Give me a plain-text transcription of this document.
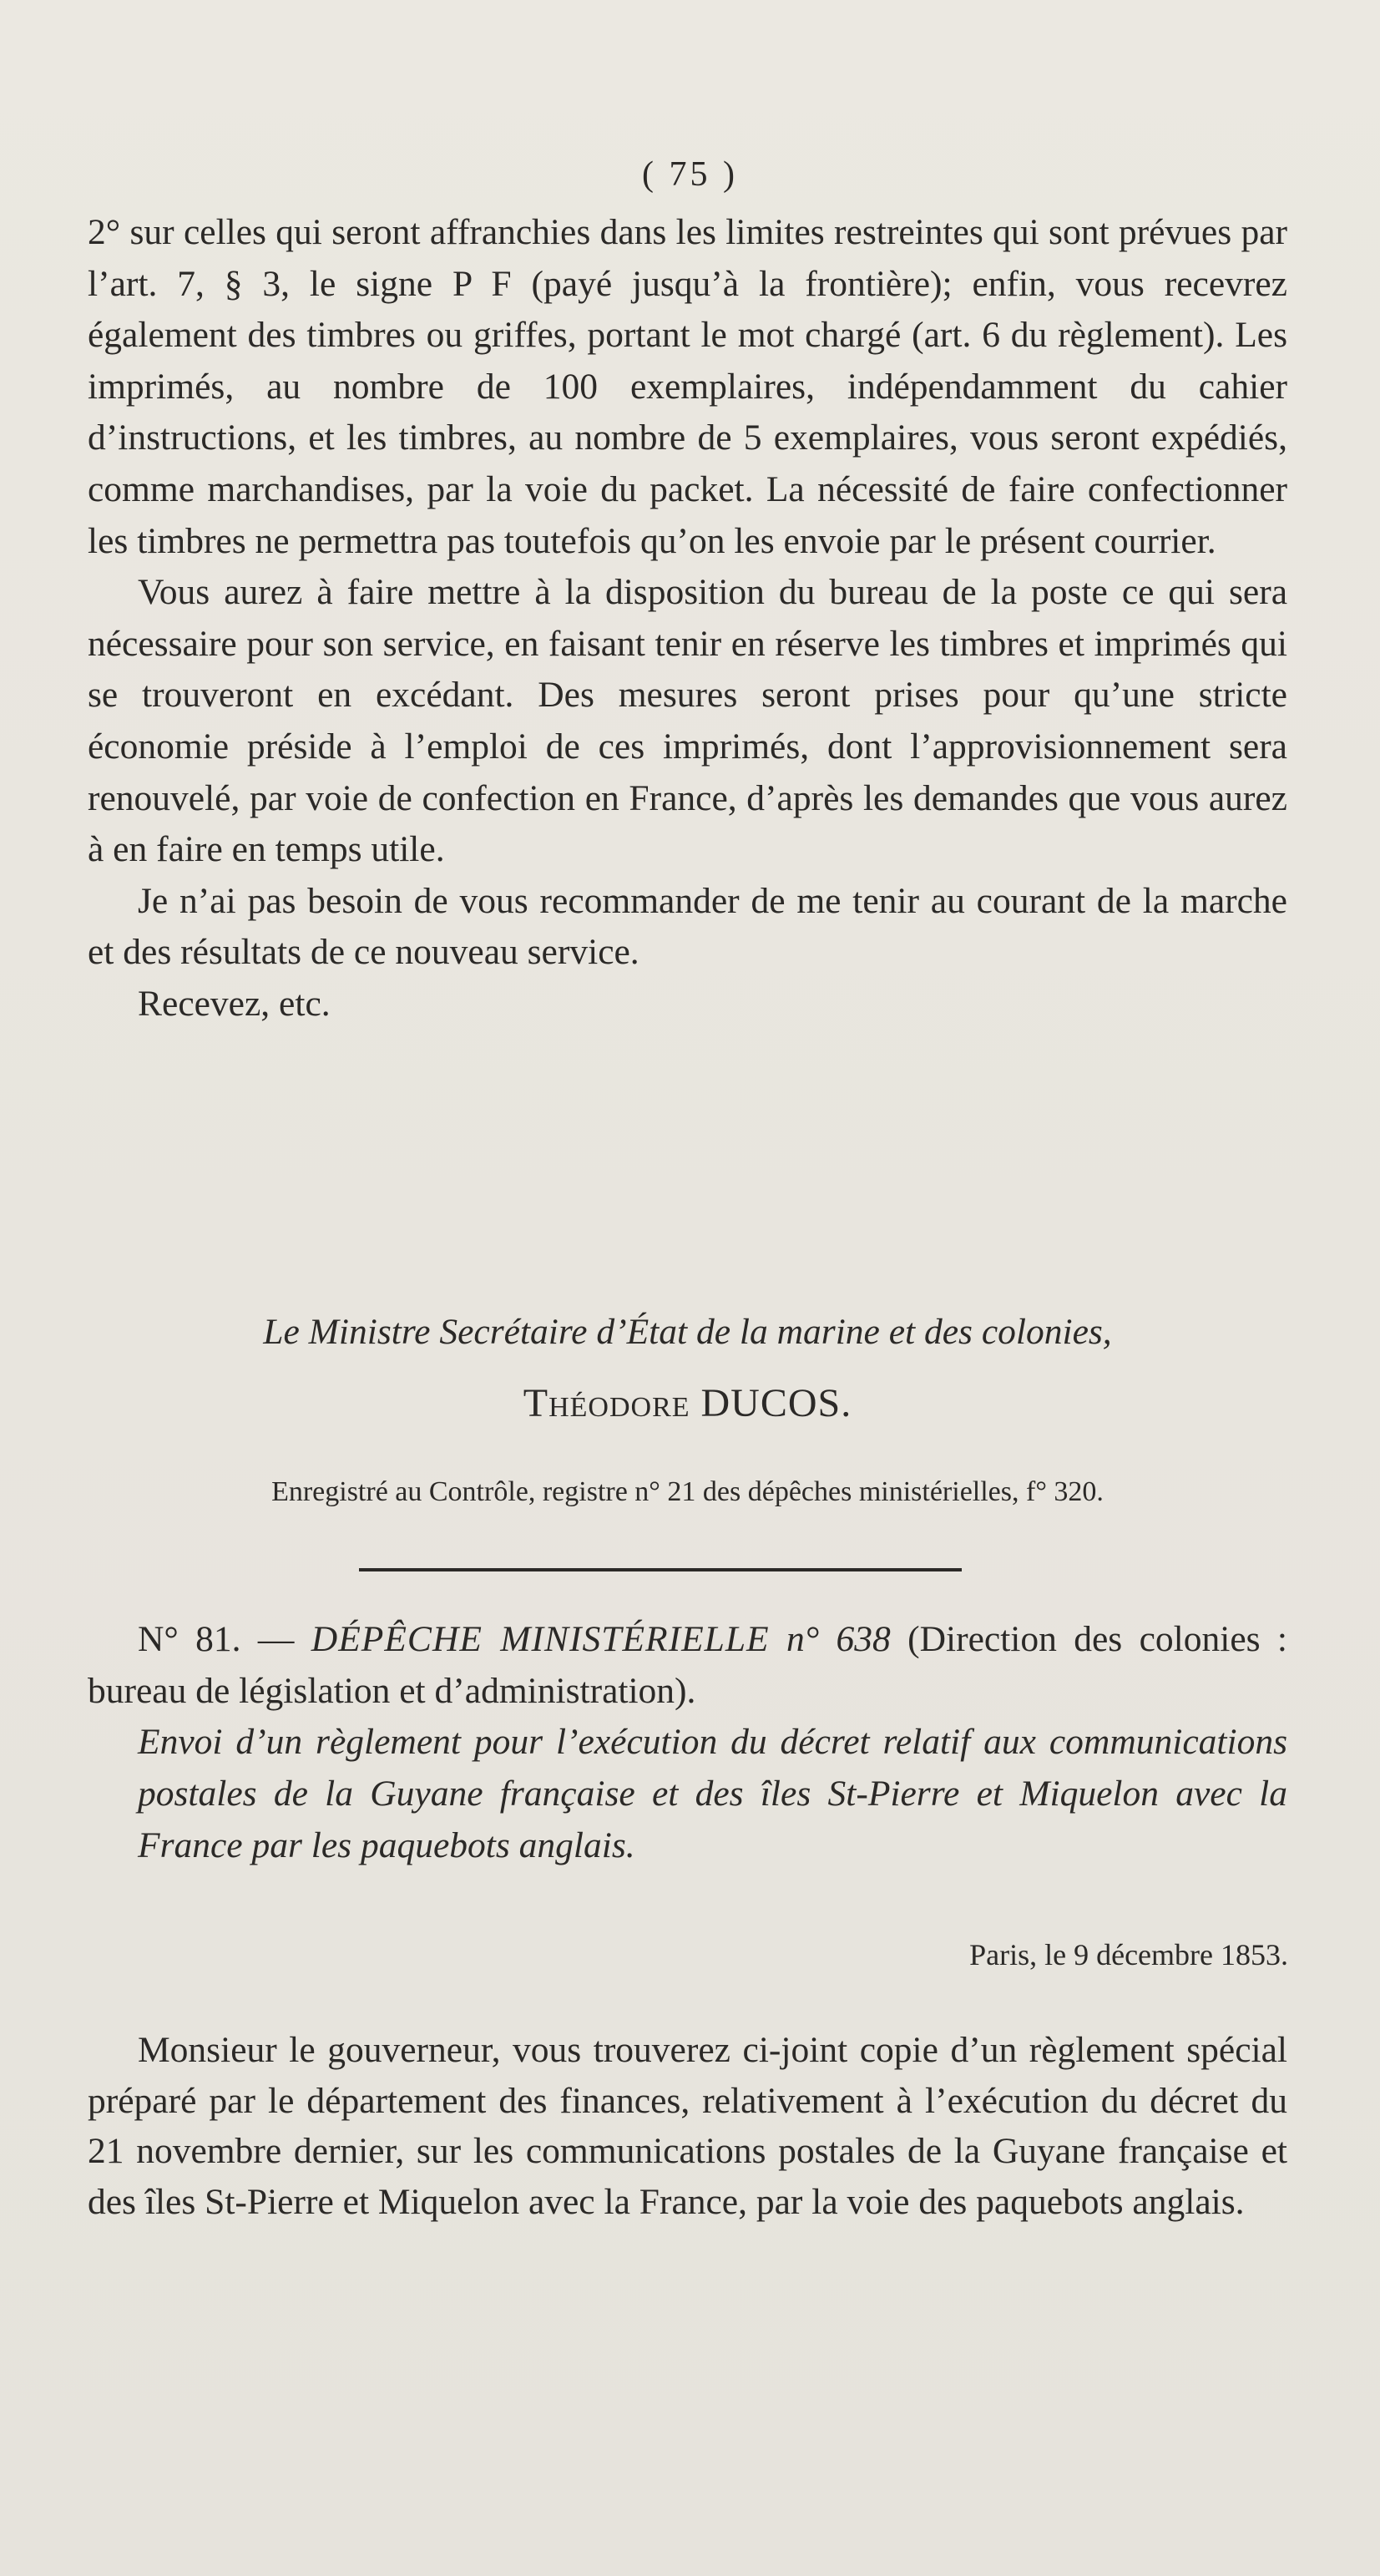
( 75 )

2° sur celles qui seront affranchies dans les limites restreintes qui sont prévues par l’art. 7, § 3, le signe P F (payé jusqu’à la frontière); enfin, vous recevrez également des timbres ou griffes, portant le mot chargé (art. 6 du règlement). Les imprimés, au nombre de 100 exemplaires, indépendamment du cahier d’instructions, et les timbres, au nombre de 5 exemplaires, vous seront expédiés, comme marchandises, par la voie du packet. La nécessité de faire confectionner les timbres ne permettra pas toutefois qu’on les envoie par le présent courrier.

Vous aurez à faire mettre à la disposition du bureau de la poste ce qui sera nécessaire pour son service, en faisant tenir en réserve les timbres et imprimés qui se trouveront en excédant. Des mesures seront prises pour qu’une stricte économie préside à l’emploi de ces imprimés, dont l’approvisionnement sera renouvelé, par voie de confection en France, d’après les demandes que vous aurez à en faire en temps utile.

Je n’ai pas besoin de vous recommander de me tenir au courant de la marche et des résultats de ce nouveau service.

Recevez, etc.

Le Ministre Secrétaire d’État de la marine et des colonies,
Théodore DUCOS.
Enregistré au Contrôle, registre n° 21 des dépêches ministérielles, f° 320.
N° 81. — DÉPÊCHE MINISTÉRIELLE n° 638 (Direction des colonies : bureau de législation et d’administration).
Envoi d’un règlement pour l’exécution du décret relatif aux communications postales de la Guyane française et des îles St-Pierre et Miquelon avec la France par les paquebots anglais.
Paris, le 9 décembre 1853.

Monsieur le gouverneur, vous trouverez ci-joint copie d’un règlement spécial préparé par le département des finances, relativement à l’exécution du décret du 21 novembre dernier, sur les communications postales de la Guyane française et des îles St-Pierre et Miquelon avec la France, par la voie des paquebots anglais.
